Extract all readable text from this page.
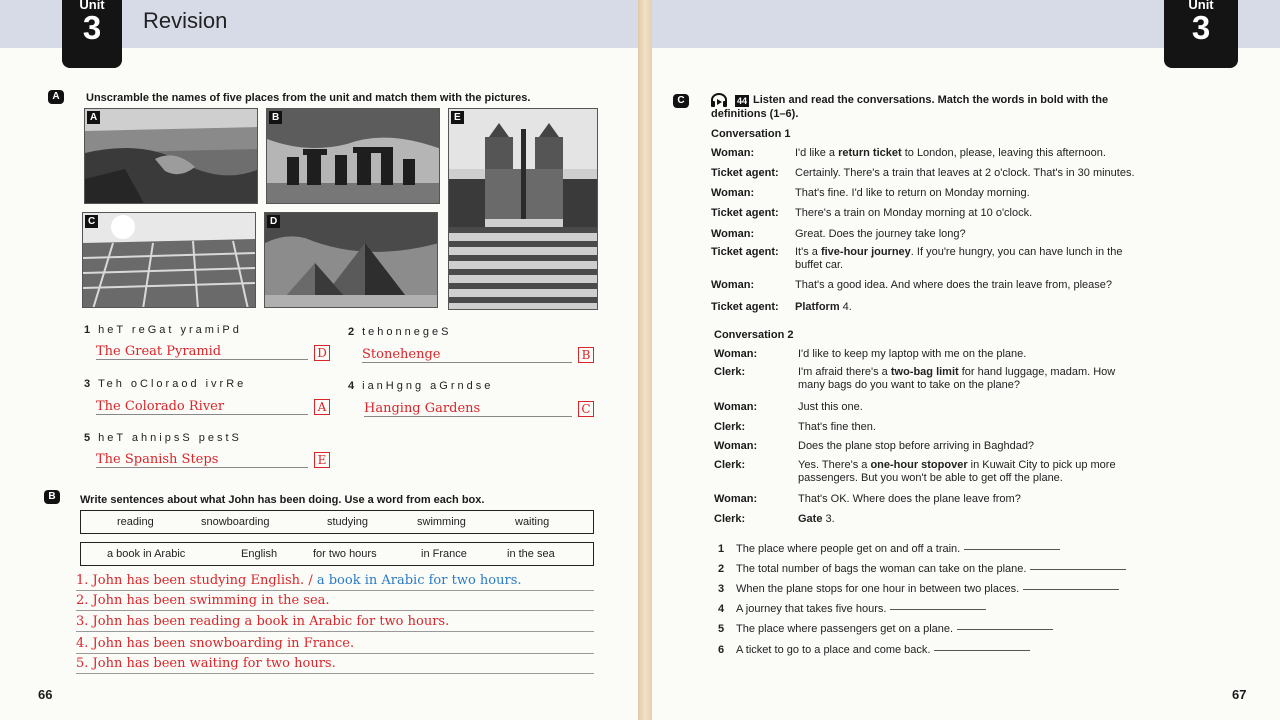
Unit
3	Revision
A	Unscramble the names of five places from the unit and match them with the pictures.
A	B
C	D
E
1 heT reGat yramiPd
The Great Pyramid	D
2 tehonnegeS
Stonehenge	B
3 Teh oCloraod ivrRe
The Colorado River	A
4 ianHgng aGrndse
Hanging Gardens	C
5 heT ahnipsS pestS
The Spanish Steps	E
B	Write sentences about what John has been doing. Use a word from each box.
reading	snowboarding	studying	swimming	waiting
a book in Arabic	English	for two hours	in France	in the sea
1. John has been studying English. / a book in Arabic for two hours.
2. John has been swimming in the sea.
3. John has been reading a book in Arabic for two hours.
4. John has been snowboarding in France.
5. John has been waiting for two hours.
66
Unit
3
C	44 Listen and read the conversations. Match the words in bold with the
definitions (1–6).
Conversation 1
Woman:	I'd like a return ticket to London, please, leaving this afternoon.
Ticket agent: Certainly. There's a train that leaves at 2 o'clock. That's in 30 minutes.
Woman:	That's fine. I'd like to return on Monday morning.
Ticket agent: There's a train on Monday morning at 10 o'clock.
Woman:	Great. Does the journey take long?
Ticket agent: It's a five-hour journey. If you're hungry, you can have lunch in the
buffet car.
Woman:	That's a good idea. And where does the train leave from, please?
Ticket agent: Platform 4.
Conversation 2
Woman:	I'd like to keep my laptop with me on the plane.
Clerk:	I'm afraid there's a two-bag limit for hand luggage, madam. How
many bags do you want to take on the plane?
Woman:	Just this one.
Clerk:	That's fine then.
Woman:	Does the plane stop before arriving in Baghdad?
Clerk:	Yes. There's a one-hour stopover in Kuwait City to pick up more
passengers. But you won't be able to get off the plane.
Woman:	That's OK. Where does the plane leave from?
Clerk:	Gate 3.
1 The place where people get on and off a train.
2 The total number of bags the woman can take on the plane.
3 When the plane stops for one hour in between two places.
4 A journey that takes five hours.
5 The place where passengers get on a plane.
6 A ticket to go to a place and come back.
67
